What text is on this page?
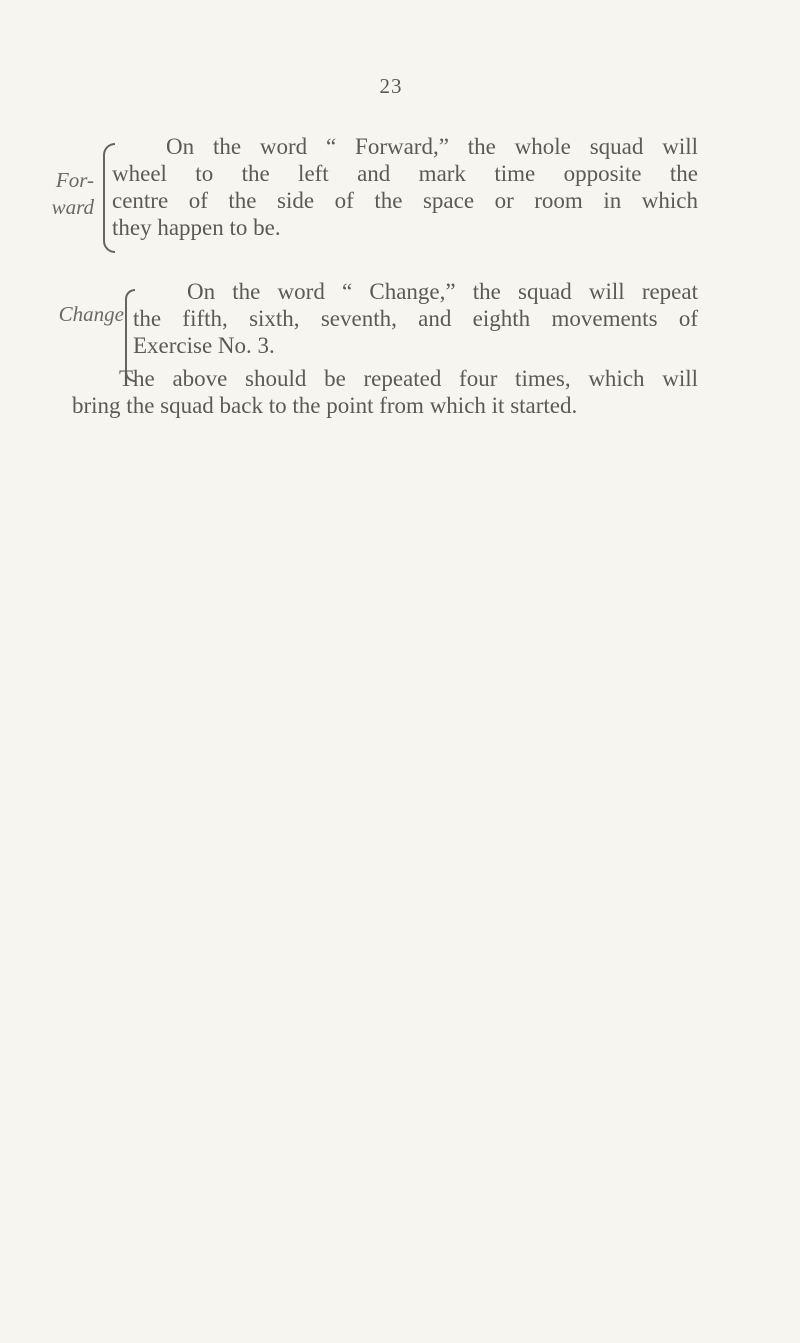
23
For-
ward
On the word “ Forward,” the whole squad will
wheel to the left and mark time opposite the
centre of the side of the space or room in which
they happen to be.
Change
On the word “ Change,” the squad will repeat
the fifth, sixth, seventh, and eighth movements of
Exercise No. 3.
The above should be repeated four times, which will
bring the squad back to the point from which it started.
